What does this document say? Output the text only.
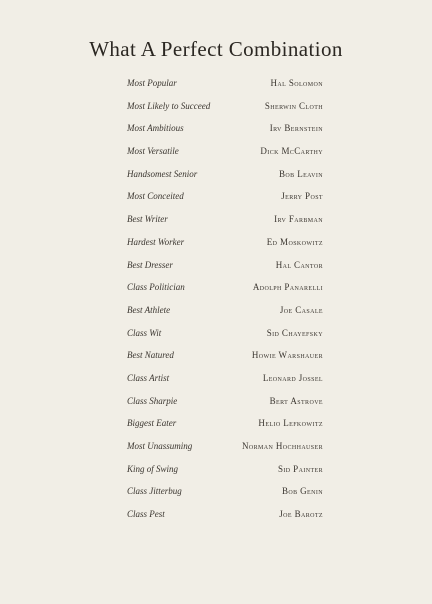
What A Perfect Combination
Most Popular	Hal Solomon
Most Likely to Succeed	Sherwin Cloth
Most Ambitious	Irv Bernstein
Most Versatile	Dick McCarthy
Handsomest Senior	Bob Leavin
Most Conceited	Jerry Post
Best Writer	Irv Farbman
Hardest Worker	Ed Moskowitz
Best Dresser	Hal Cantor
Class Politician	Adolph Panarelli
Best Athlete	Joe Casale
Class Wit	Sid Chayefsky
Best Natured	Howie Warshauer
Class Artist	Leonard Jossel
Class Sharpie	Bert Astrove
Biggest Eater	Helio Lefkowitz
Most Unassuming	Norman Hochhauser
King of Swing	Sid Painter
Class Jitterbug	Bob Genin
Class Pest	Joe Barotz
